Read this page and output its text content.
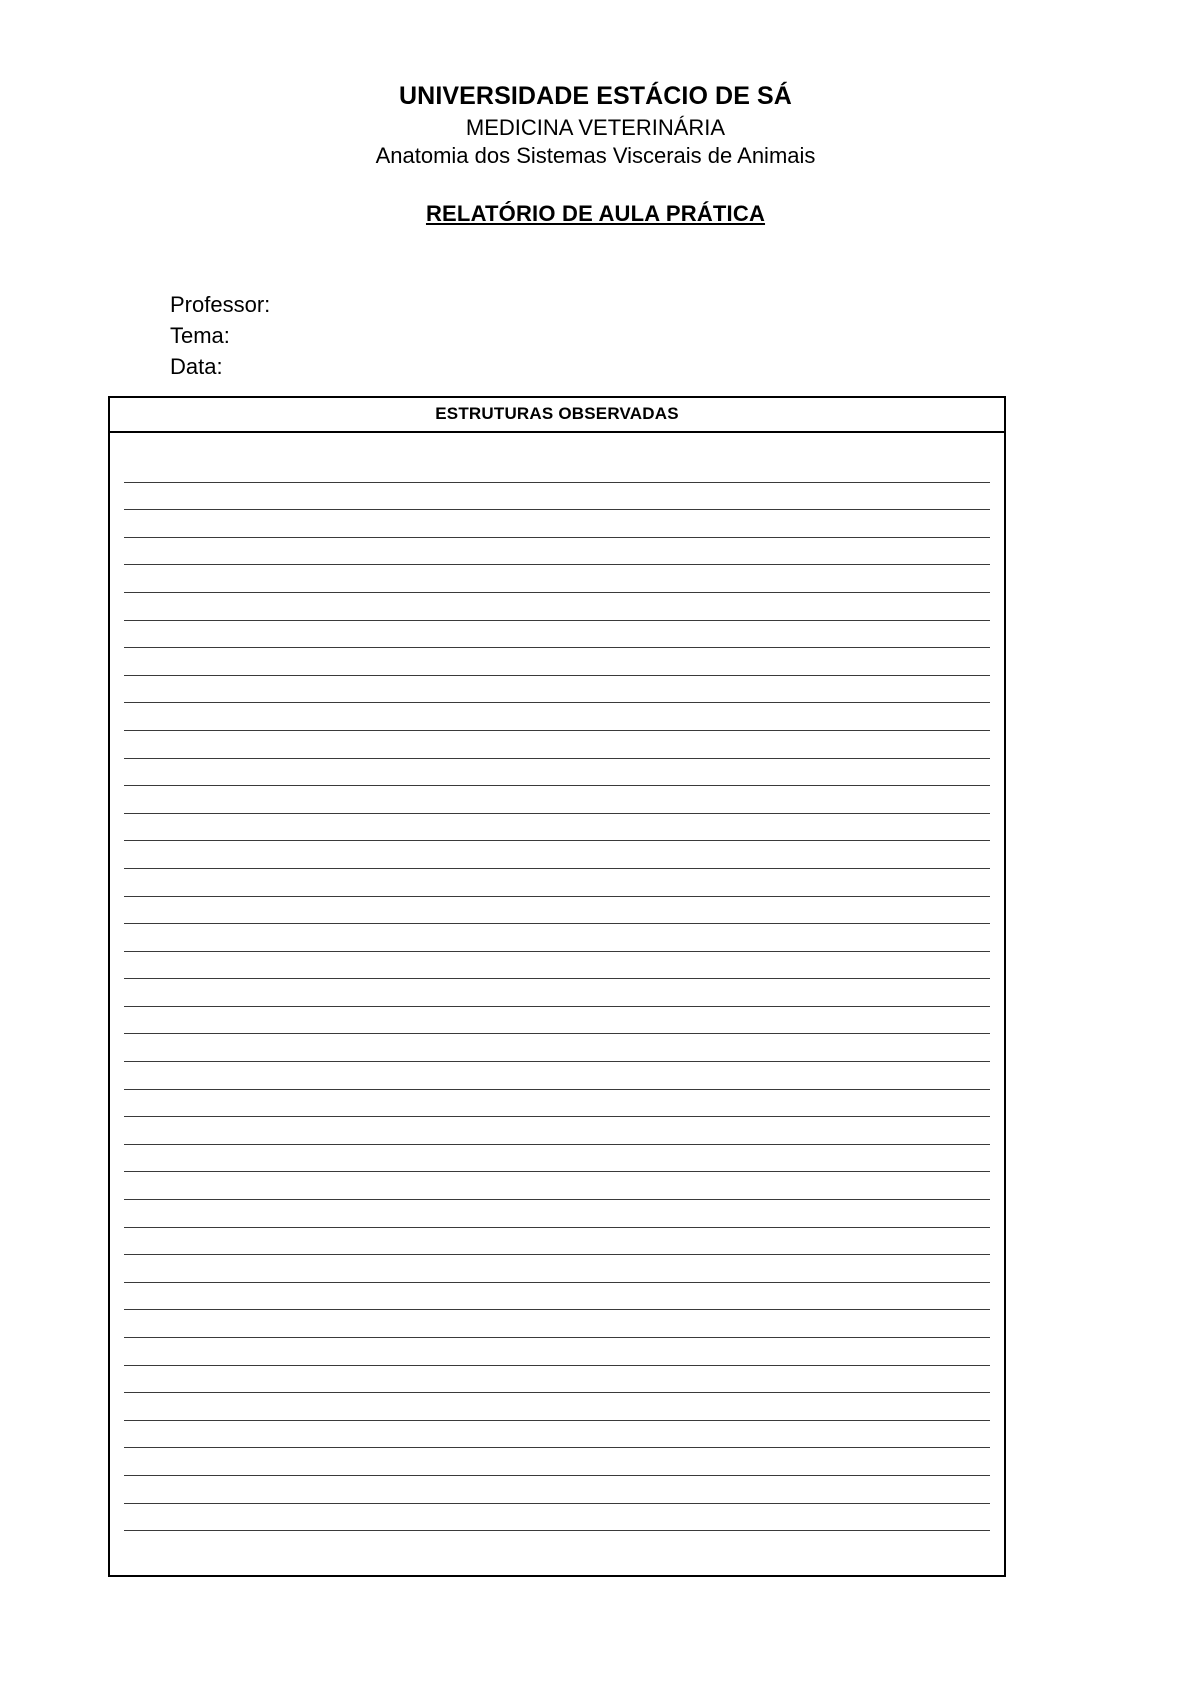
UNIVERSIDADE ESTÁCIO DE SÁ
MEDICINA VETERINÁRIA
Anatomia dos Sistemas Viscerais de Animais
RELATÓRIO DE AULA PRÁTICA
Professor:
Tema:
Data:
ESTRUTURAS OBSERVADAS
